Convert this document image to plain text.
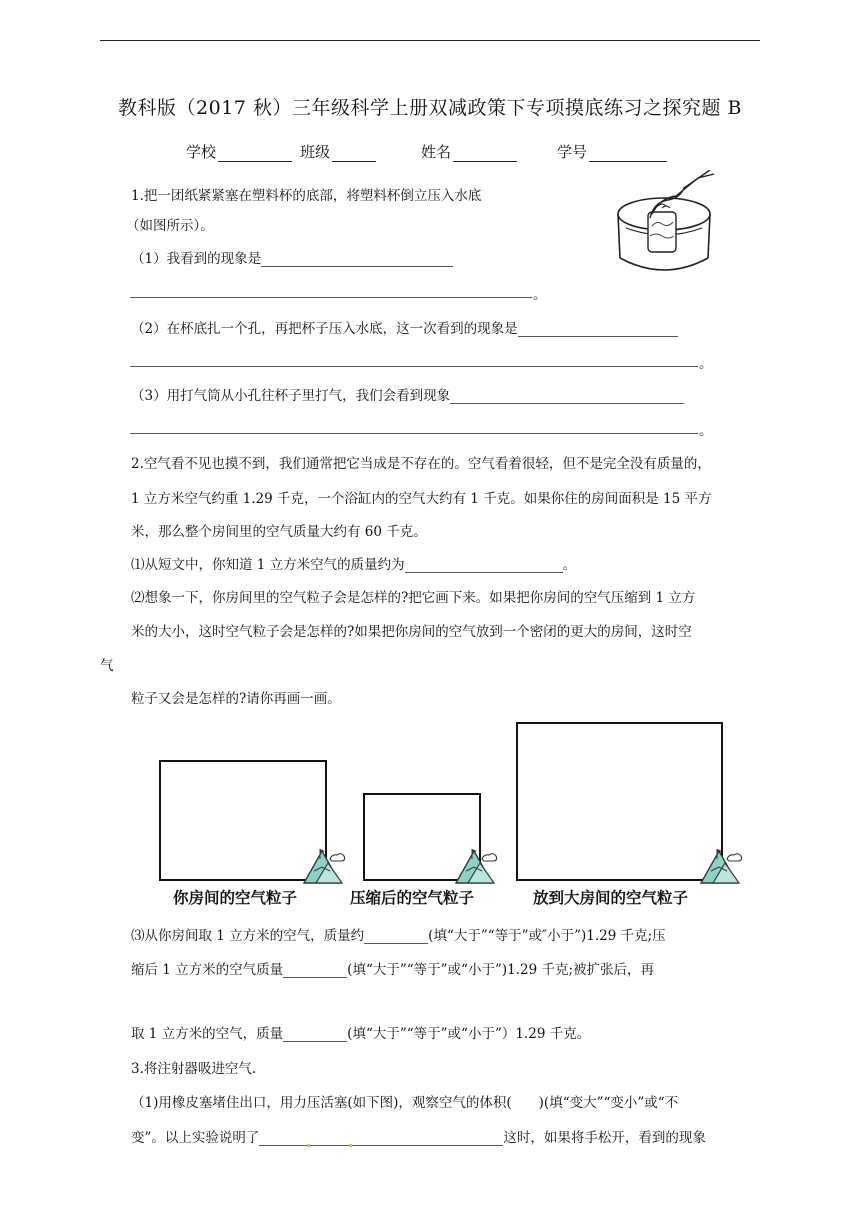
教科版（2017 秋）三年级科学上册双减政策下专项摸底练习之探究题 B
学校	班级	姓名	学号
1.把一团纸紧紧塞在塑料杯的底部，将塑料杯倒立压入水底
（如图所示）。
（1）我看到的现象是
。
（2）在杯底扎一个孔，再把杯子压入水底，这一次看到的现象是
。
（3）用打气筒从小孔往杯子里打气，我们会看到现象
。
2.空气看不见也摸不到，我们通常把它当成是不存在的。空气看着很轻，但不是完全没有质量的，
1 立方米空气约重 1.29 千克，一个浴缸内的空气大约有 1 千克。如果你住的房间面积是 15 平方
米，那么整个房间里的空气质量大约有 60 千克。
⑴从短文中，你知道 1 立方米空气的质量约为	。
⑵想象一下，你房间里的空气粒子会是怎样的?把它画下来。如果把你房间的空气压缩到 1 立方
米的大小，这时空气粒子会是怎样的?如果把你房间的空气放到一个密闭的更大的房间，这时空
气
粒子又会是怎样的?请你再画一画。
你房间的空气粒子	压缩后的空气粒子	放到大房间的空气粒子
⑶从你房间取 1 立方米的空气，质量约	(填“大于”“等于”或″小于”)1.29 千克;压
缩后 1 立方米的空气质量	(填“大于”“等于”或“小于”)1.29 千克;被扩张后，再
取 1 立方米的空气，质量	(填“大于”“等于”或“小于”）1.29 千克。
3.将注射器吸进空气.
（1)用橡皮塞堵住出口，用力压活塞(如下图)，观察空气的体积(　　)(填“变大”“变小”或“不
变”。以上实验说明了	这时，如果将手松开，看到的现象
